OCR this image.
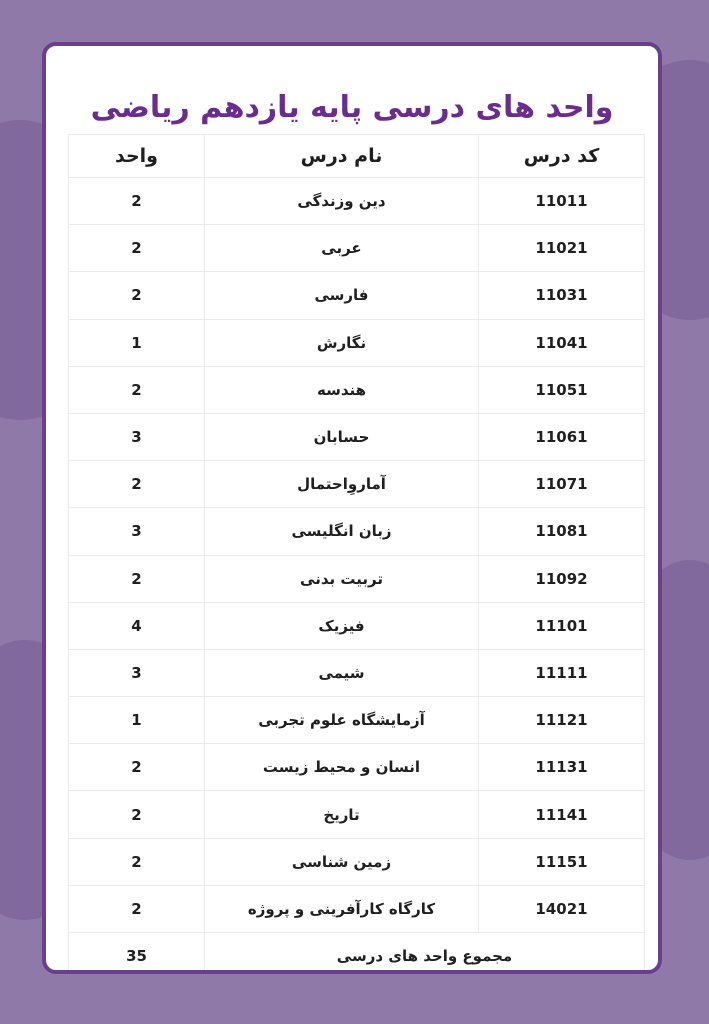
واحد های درسی پایه یازدهم ریاضی
کد درس	نام درس	واحد
11011	دین وزندگی	2
11021	عربی	2
11031	فارسی	2
11041	نگارش	1
11051	هندسه	2
11061	حسابان	3
11071	آماروِاحتمال	2
11081	زبان انگلیسی	3
11092	تربیت بدنی	2
11101	فیزیک	4
11111	شیمی	3
11121	آزمایشگاه علوم تجربی	1
11131	انسان و محیط زیست	2
11141	تاریخ	2
11151	زمین شناسی	2
14021	کارگاه کارآفرینی و پروژه	2
مجموع واحد های درسی		35
